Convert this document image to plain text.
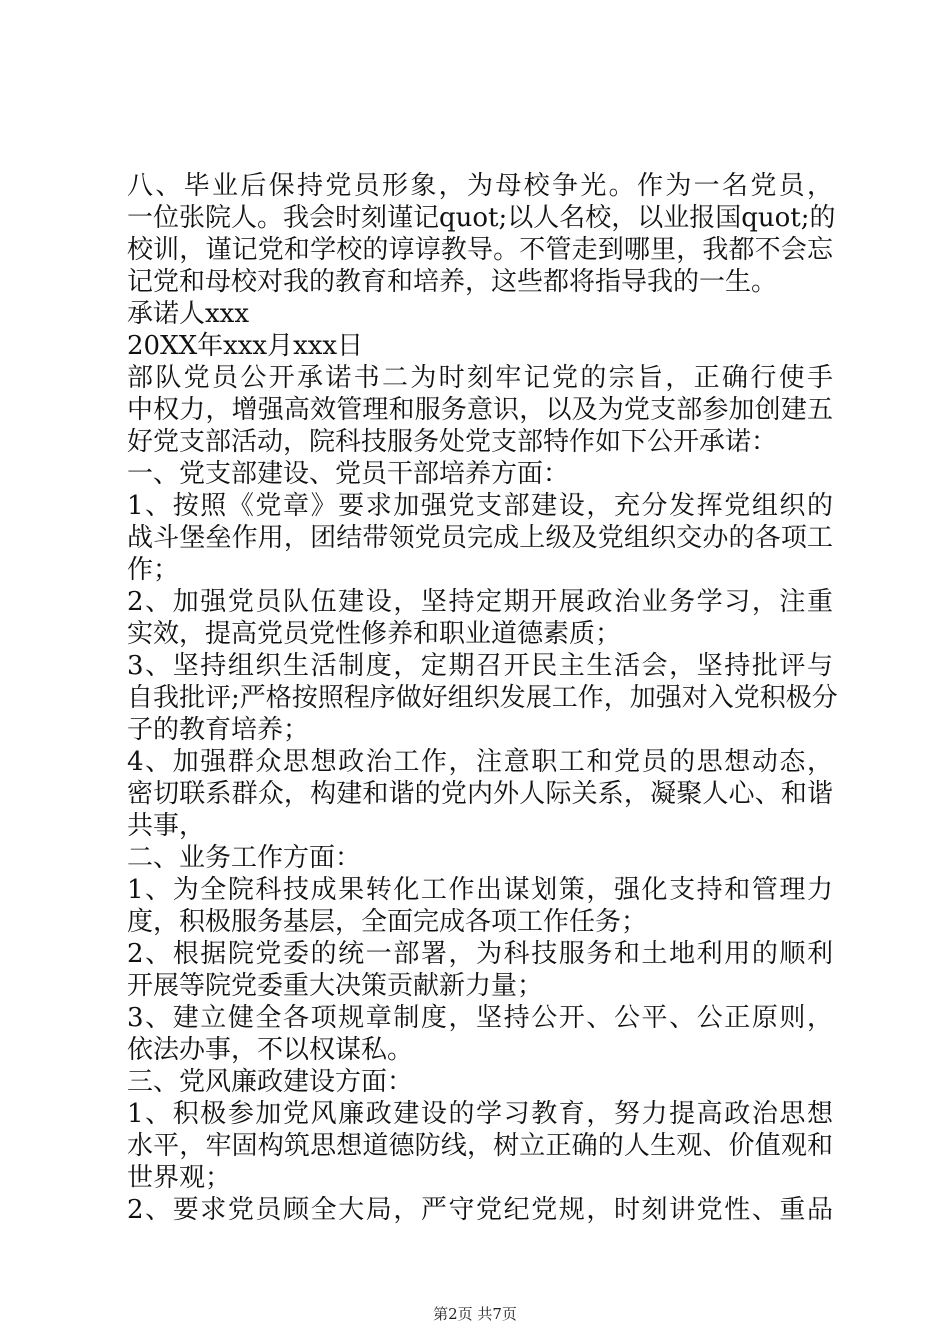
八、毕业后保持党员形象，为母校争光。作为一名党员，
一位张院人。我会时刻谨记quot;以人名校，以业报国quot;的
校训，谨记党和学校的谆谆教导。不管走到哪里，我都不会忘
记党和母校对我的教育和培养，这些都将指导我的一生。
承诺人xxx
20XX年xxx月xxx日
部队党员公开承诺书二为时刻牢记党的宗旨，正确行使手
中权力，增强高效管理和服务意识，以及为党支部参加创建五
好党支部活动，院科技服务处党支部特作如下公开承诺：
一、党支部建设、党员干部培养方面：
1、按照《党章》要求加强党支部建设，充分发挥党组织的
战斗堡垒作用，团结带领党员完成上级及党组织交办的各项工
作；
2、加强党员队伍建设，坚持定期开展政治业务学习，注重
实效，提高党员党性修养和职业道德素质；
3、坚持组织生活制度，定期召开民主生活会，坚持批评与
自我批评;严格按照程序做好组织发展工作，加强对入党积极分
子的教育培养；
4、加强群众思想政治工作，注意职工和党员的思想动态，
密切联系群众，构建和谐的党内外人际关系，凝聚人心、和谐
共事，
二、业务工作方面：
1、为全院科技成果转化工作出谋划策，强化支持和管理力
度，积极服务基层，全面完成各项工作任务；
2、根据院党委的统一部署，为科技服务和土地利用的顺利
开展等院党委重大决策贡献新力量；
3、建立健全各项规章制度，坚持公开、公平、公正原则，
依法办事，不以权谋私。
三、党风廉政建设方面：
1、积极参加党风廉政建设的学习教育，努力提高政治思想
水平，牢固构筑思想道德防线，树立正确的人生观、价值观和
世界观；
2、要求党员顾全大局，严守党纪党规，时刻讲党性、重品
第2页 共7页
